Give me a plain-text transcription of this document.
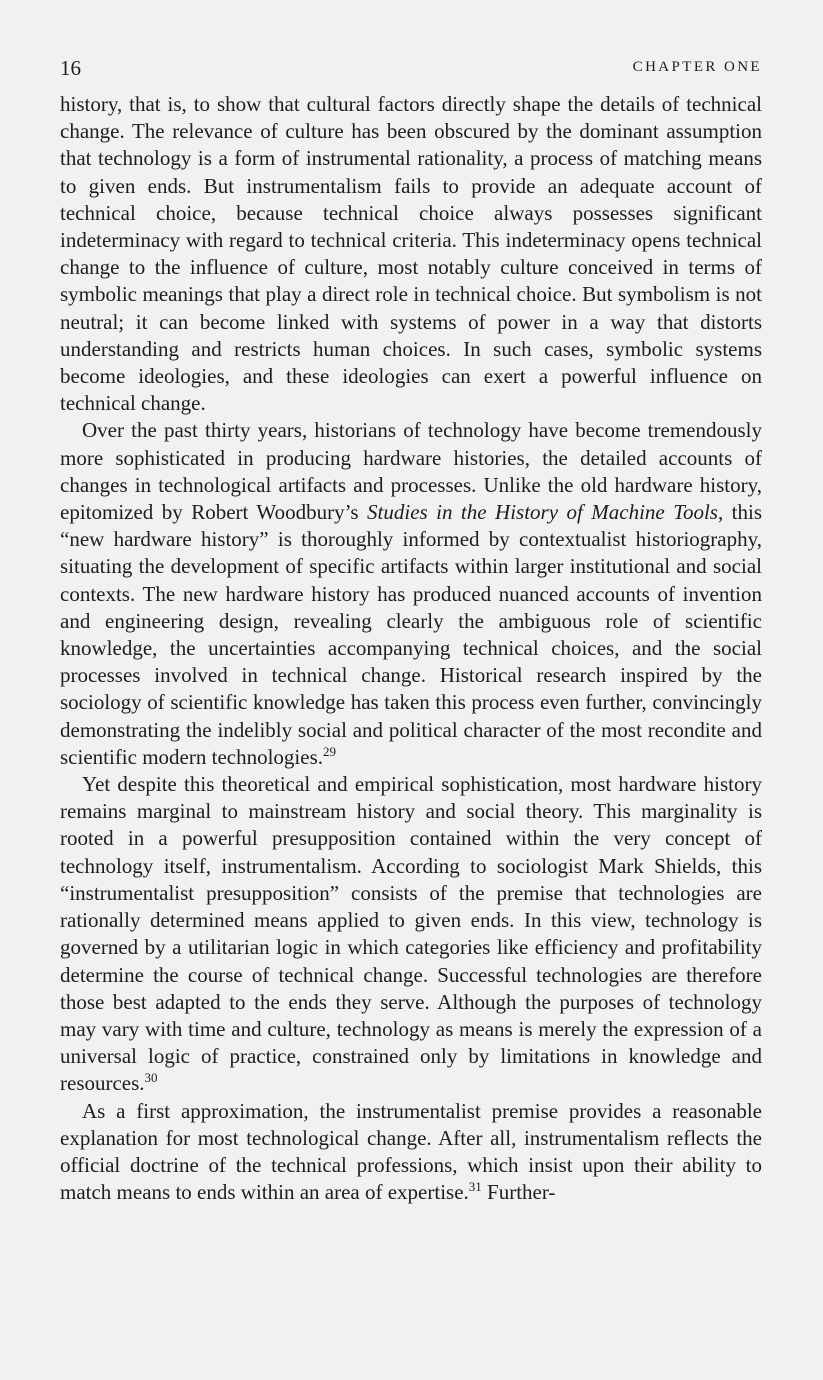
16	CHAPTER ONE

history, that is, to show that cultural factors directly shape the details of technical change. The relevance of culture has been obscured by the dominant assumption that technology is a form of instrumental rationality, a process of matching means to given ends. But instrumentalism fails to provide an adequate account of technical choice, because technical choice always possesses significant indeterminacy with regard to technical criteria. This indeterminacy opens technical change to the influence of culture, most notably culture conceived in terms of symbolic meanings that play a direct role in technical choice. But symbolism is not neutral; it can become linked with systems of power in a way that distorts understanding and restricts human choices. In such cases, symbolic systems become ideologies, and these ideologies can exert a powerful influence on technical change.

Over the past thirty years, historians of technology have become tremendously more sophisticated in producing hardware histories, the detailed accounts of changes in technological artifacts and processes. Unlike the old hardware history, epitomized by Robert Woodbury’s Studies in the History of Machine Tools, this “new hardware history” is thoroughly informed by contextualist historiography, situating the development of specific artifacts within larger institutional and social contexts. The new hardware history has produced nuanced accounts of invention and engineering design, revealing clearly the ambiguous role of scientific knowledge, the uncertainties accompanying technical choices, and the social processes involved in technical change. Historical research inspired by the sociology of scientific knowledge has taken this process even further, convincingly demonstrating the indelibly social and political character of the most recondite and scientific modern technologies.$^{29}$

Yet despite this theoretical and empirical sophistication, most hardware history remains marginal to mainstream history and social theory. This marginality is rooted in a powerful presupposition contained within the very concept of technology itself, instrumentalism. According to sociologist Mark Shields, this “instrumentalist presupposition” consists of the premise that technologies are rationally determined means applied to given ends. In this view, technology is governed by a utilitarian logic in which categories like efficiency and profitability determine the course of technical change. Successful technologies are therefore those best adapted to the ends they serve. Although the purposes of technology may vary with time and culture, technology as means is merely the expression of a universal logic of practice, constrained only by limitations in knowledge and resources.$^{30}$

As a first approximation, the instrumentalist premise provides a reasonable explanation for most technological change. After all, instrumentalism reflects the official doctrine of the technical professions, which insist upon their ability to match means to ends within an area of expertise.$^{31}$ Further-
